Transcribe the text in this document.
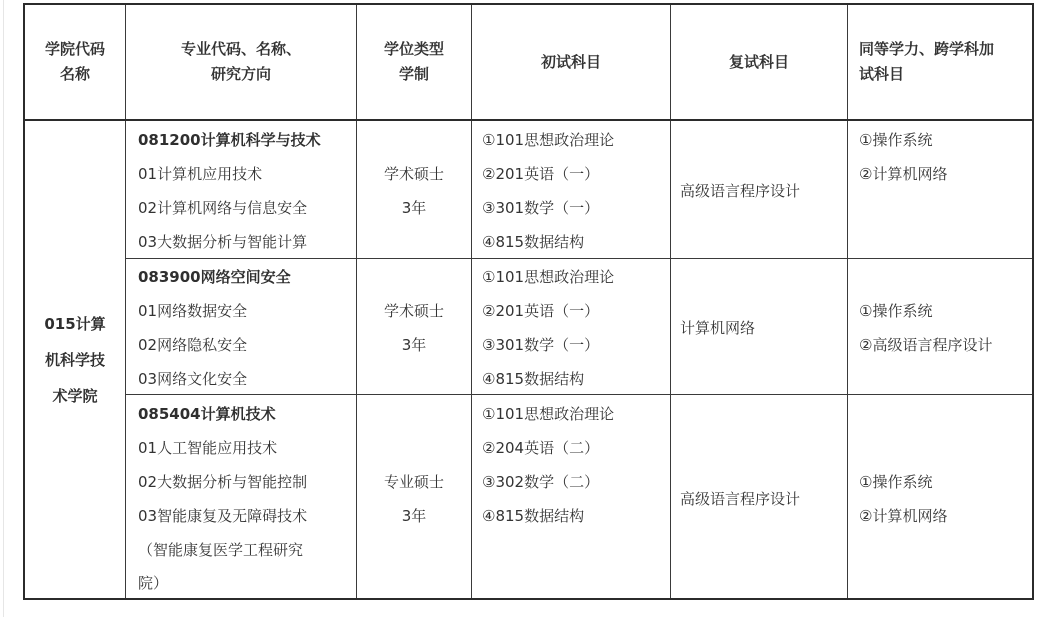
学院代码
名称
专业代码、名称、
研究方向
学位类型
学制
初试科目	复试科目
同等学力、跨学科加
试科目
015计算
机科学技
术学院
081200计算机科学与技术
01计算机应用技术
02计算机网络与信息安全
03大数据分析与智能计算
学术硕士
3年
①101思想政治理论
②201英语（一）
③301数学（一）
④815数据结构
高级语言程序设计
①操作系统
②计算机网络
083900网络空间安全
01网络数据安全
02网络隐私安全
03网络文化安全
学术硕士
3年
①101思想政治理论
②201英语（一）
③301数学（一）
④815数据结构
计算机网络
①操作系统
②高级语言程序设计
085404计算机技术
01人工智能应用技术
02大数据分析与智能控制
03智能康复及无障碍技术
（智能康复医学工程研究
院）
专业硕士
3年
①101思想政治理论
②204英语（二）
③302数学（二）
④815数据结构
高级语言程序设计
①操作系统
②计算机网络
